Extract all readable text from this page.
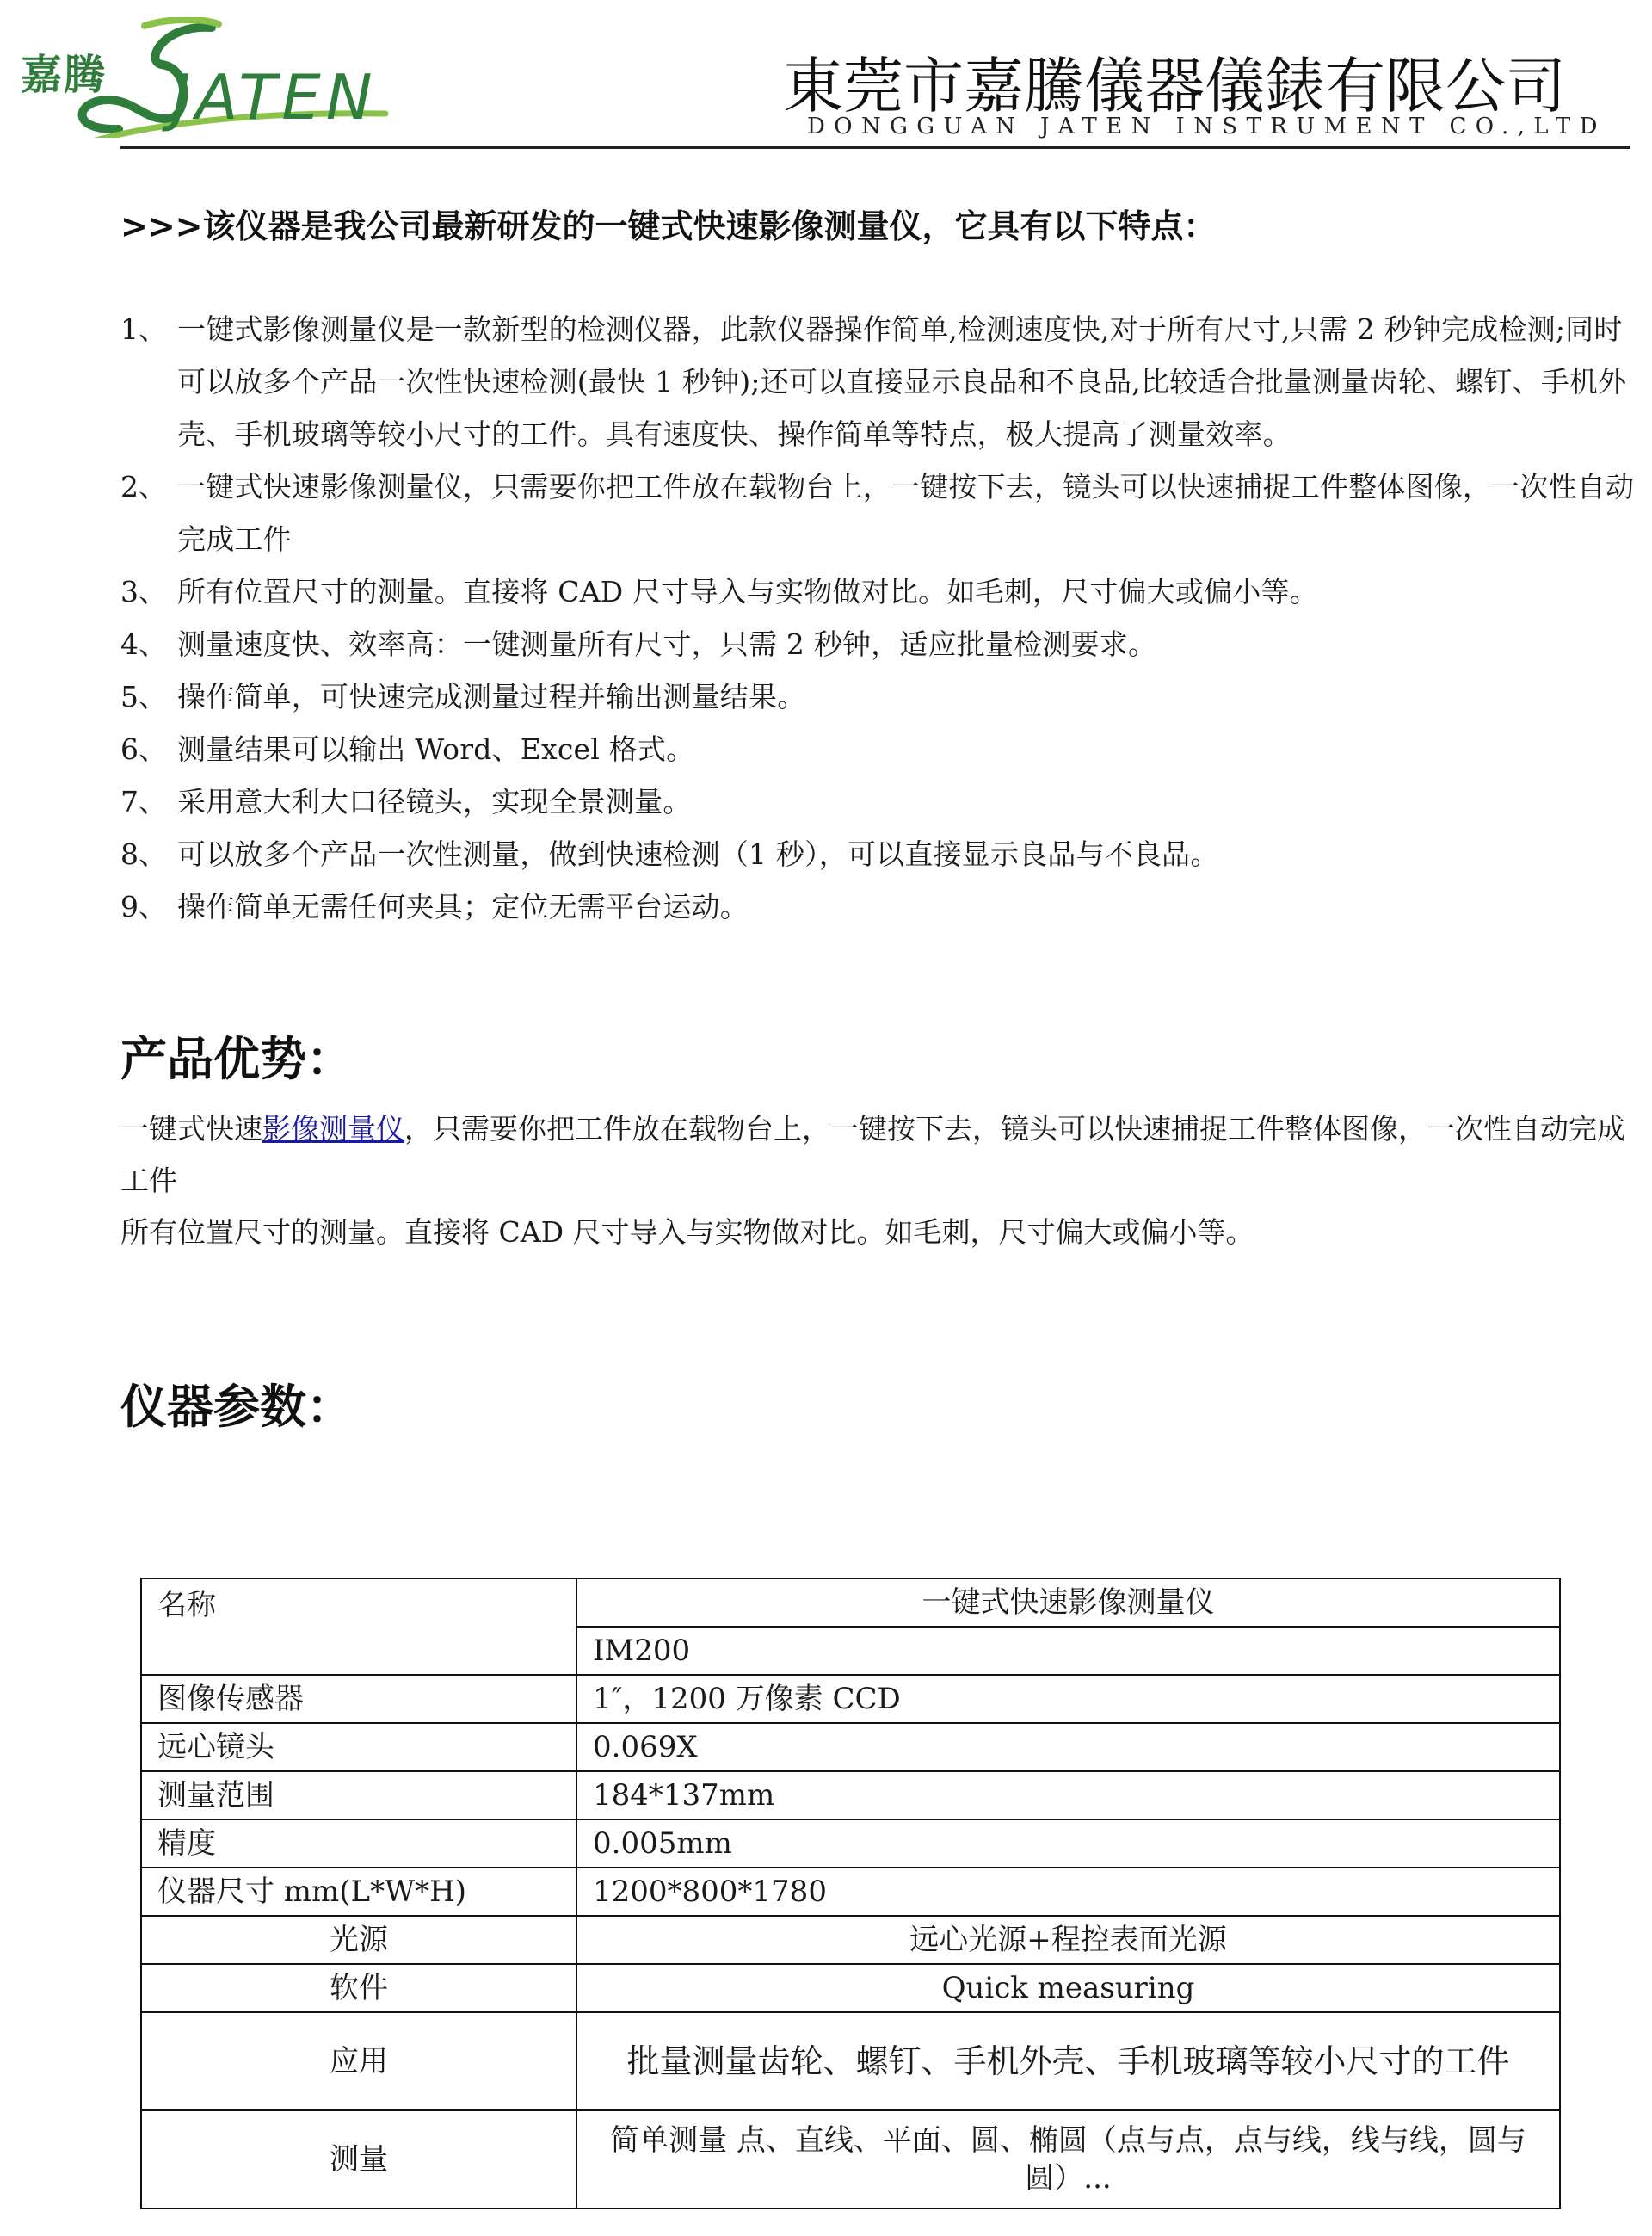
JATEN
嘉腾	東莞市嘉騰儀器儀錶有限公司
DONGGUAN JATEN INSTRUMENT CO.,LTD
>>>该仪器是我公司最新研发的一键式快速影像测量仪，它具有以下特点：
1、 一键式影像测量仪是一款新型的检测仪器，此款仪器操作简单,检测速度快,对于所有尺寸,只需 2 秒钟完成检测;同时可以放多个产品一次性快速检测(最快 1 秒钟);还可以直接显示良品和不良品,比较适合批量测量齿轮、螺钉、手机外壳、手机玻璃等较小尺寸的工件。具有速度快、操作简单等特点，极大提高了测量效率。
2、 一键式快速影像测量仪，只需要你把工件放在载物台上，一键按下去，镜头可以快速捕捉工件整体图像，一次性自动完成工件
3、 所有位置尺寸的测量。直接将 CAD 尺寸导入与实物做对比。如毛刺，尺寸偏大或偏小等。
4、 测量速度快、效率高：一键测量所有尺寸，只需 2 秒钟，适应批量检测要求。
5、 操作简单，可快速完成测量过程并输出测量结果。
6、 测量结果可以输出 Word、Excel 格式。
7、 采用意大利大口径镜头，实现全景测量。
8、 可以放多个产品一次性测量，做到快速检测（1 秒），可以直接显示良品与不良品。
9、 操作简单无需任何夹具；定位无需平台运动。
产品优势：
一键式快速影像测量仪，只需要你把工件放在载物台上，一键按下去，镜头可以快速捕捉工件整体图像，一次性自动完成工件
所有位置尺寸的测量。直接将 CAD 尺寸导入与实物做对比。如毛刺，尺寸偏大或偏小等。
仪器参数：
名称	一键式快速影像测量仪
	IM200
图像传感器	1″，1200 万像素 CCD
远心镜头	0.069X
测量范围	184*137mm
精度	0.005mm
仪器尺寸 mm(L*W*H)	1200*800*1780
光源	远心光源+程控表面光源
软件	Quick measuring
应用	批量测量齿轮、螺钉、手机外壳、手机玻璃等较小尺寸的工件
测量	简单测量 点、直线、平面、圆、椭圆（点与点，点与线，线与线，圆与圆）...
